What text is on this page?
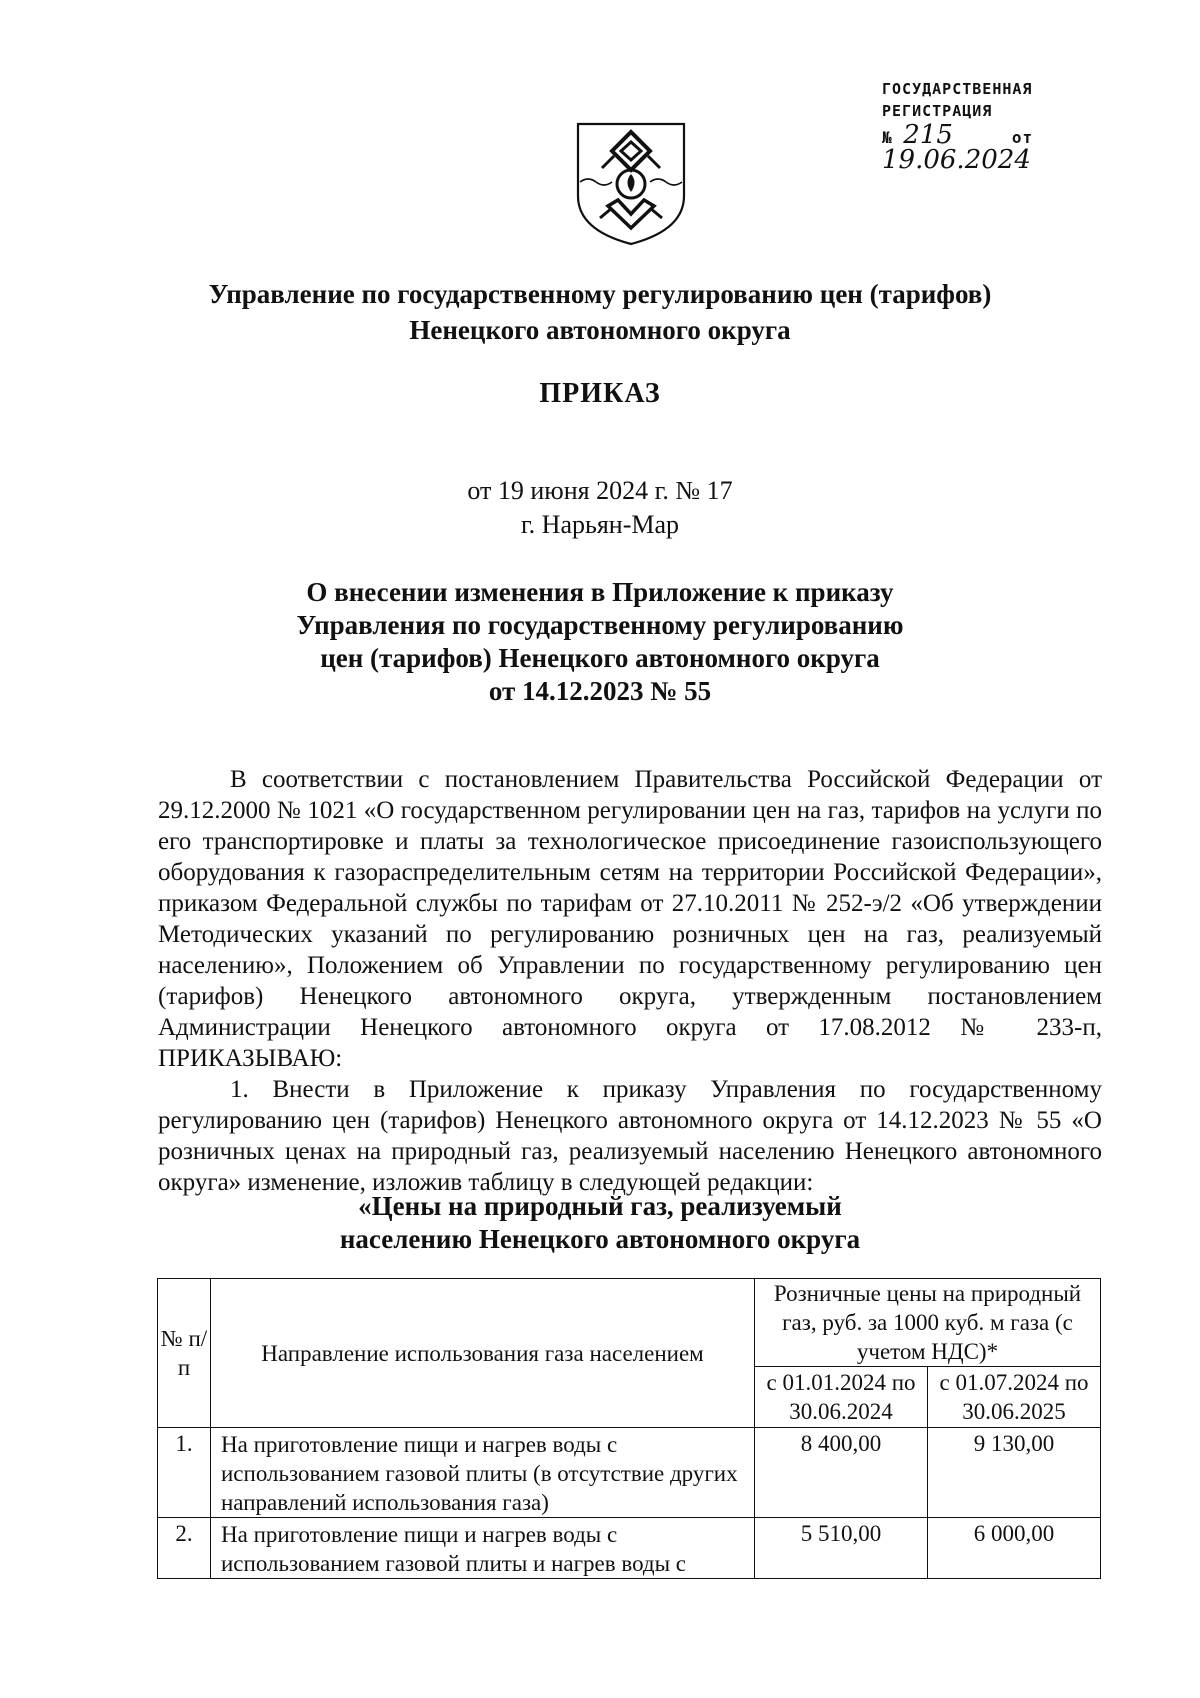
ГОСУДАРСТВЕННАЯ
РЕГИСТРАЦИЯ
№ 215	от 19.06.2024
Управление по государственному регулированию цен (тарифов)
Ненецкого автономного округа
ПРИКАЗ
от 19 июня 2024 г. № 17
г. Нарьян-Мар
О внесении изменения в Приложение к приказу
Управления по государственному регулированию
цен (тарифов) Ненецкого автономного округа
от 14.12.2023 № 55

В соответствии с постановлением Правительства Российской Федерации от 29.12.2000 № 1021 «О государственном регулировании цен на газ, тарифов на услуги по его транспортировке и платы за технологическое присоединение газоиспользующего оборудования к газораспределительным сетям на территории Российской Федерации», приказом Федеральной службы по тарифам от 27.10.2011 № 252-э/2 «Об утверждении Методических указаний по регулированию розничных цен на газ, реализуемый населению», Положением об Управлении по государственному регулированию цен (тарифов) Ненецкого автономного округа, утвержденным постановлением Администрации Ненецкого автономного округа от 17.08.2012 № 233-п, ПРИКАЗЫВАЮ:

1. Внести в Приложение к приказу Управления по государственному регулированию цен (тарифов) Ненецкого автономного округа от 14.12.2023 № 55 «О розничных ценах на природный газ, реализуемый населению Ненецкого автономного округа» изменение, изложив таблицу в следующей редакции:

«Цены на природный газ, реализуемый
населению Ненецкого автономного округа
№ п/п	Направление использования газа населением	Розничные цены на природный газ, руб. за 1000 куб. м газа (с учетом НДС)*	
		с 01.01.2024 по 30.06.2024	с 01.07.2024 по 30.06.2025
1.	На приготовление пищи и нагрев воды с использованием газовой плиты (в отсутствие других направлений использования газа)	8 400,00	9 130,00
2.	На приготовление пищи и нагрев воды с использованием газовой плиты и нагрев воды с	5 510,00	6 000,00
